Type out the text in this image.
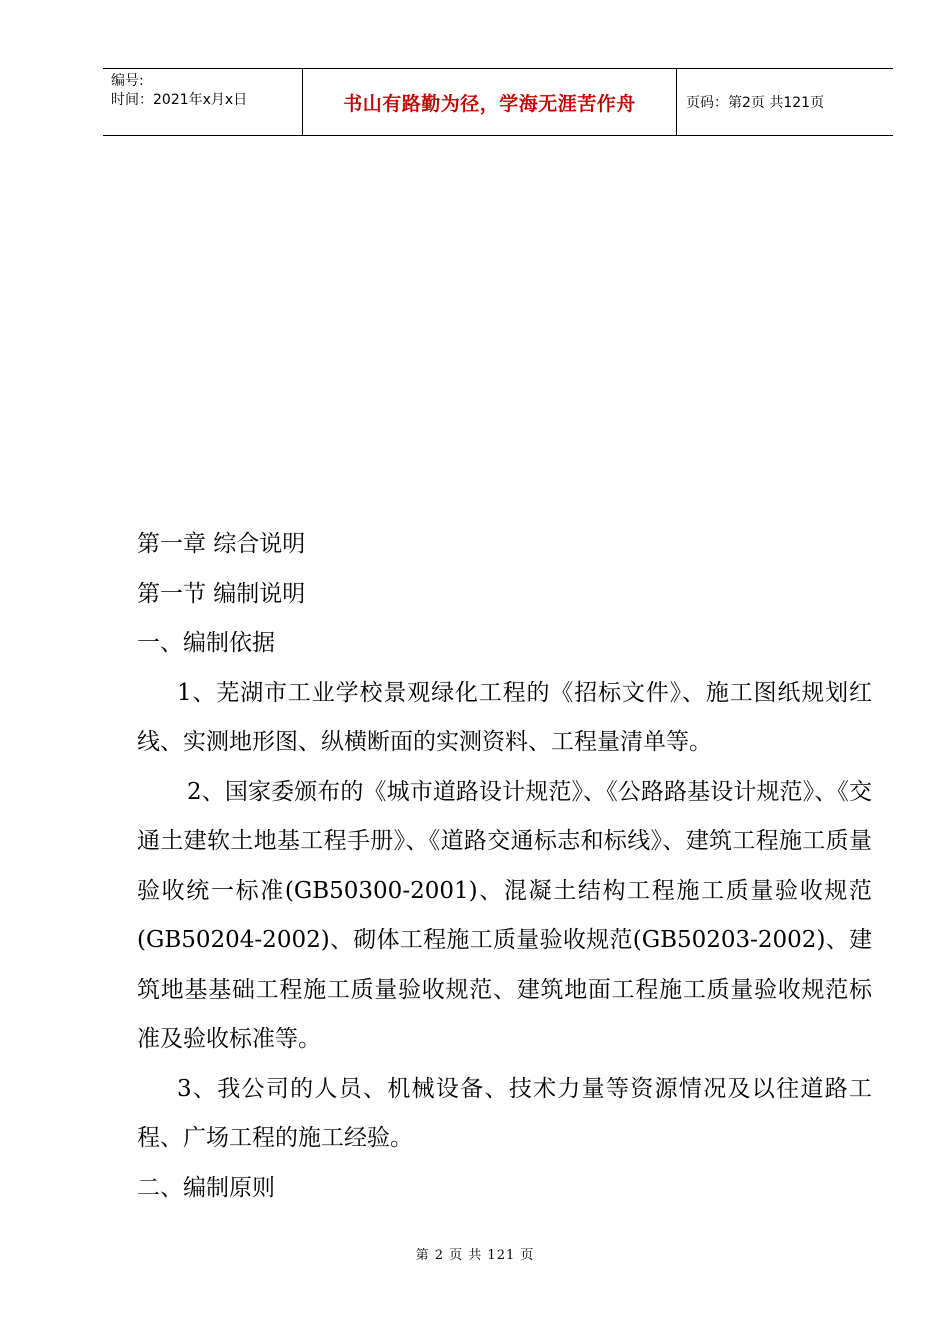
编号:
时间：2021年x月x日	书山有路勤为径，学海无涯苦作舟	页码：第2页 共121页

第一章 综合说明

第一节 编制说明

一、编制依据

1、芜湖市工业学校景观绿化工程的《招标文件》、施工图纸规划红线、实测地形图、纵横断面的实测资料、工程量清单等。

2、国家委颁布的《城市道路设计规范》、《公路路基设计规范》、《交通土建软土地基工程手册》、《道路交通标志和标线》、建筑工程施工质量验收统一标准(GB50300-2001)、混凝土结构工程施工质量验收规范(GB50204-2002)、砌体工程施工质量验收规范(GB50203-2002)、建筑地基基础工程施工质量验收规范、建筑地面工程施工质量验收规范标准及验收标准等。

3、我公司的人员、机械设备、技术力量等资源情况及以往道路工程、广场工程的施工经验。

二、编制原则

第 2 页 共 121 页
